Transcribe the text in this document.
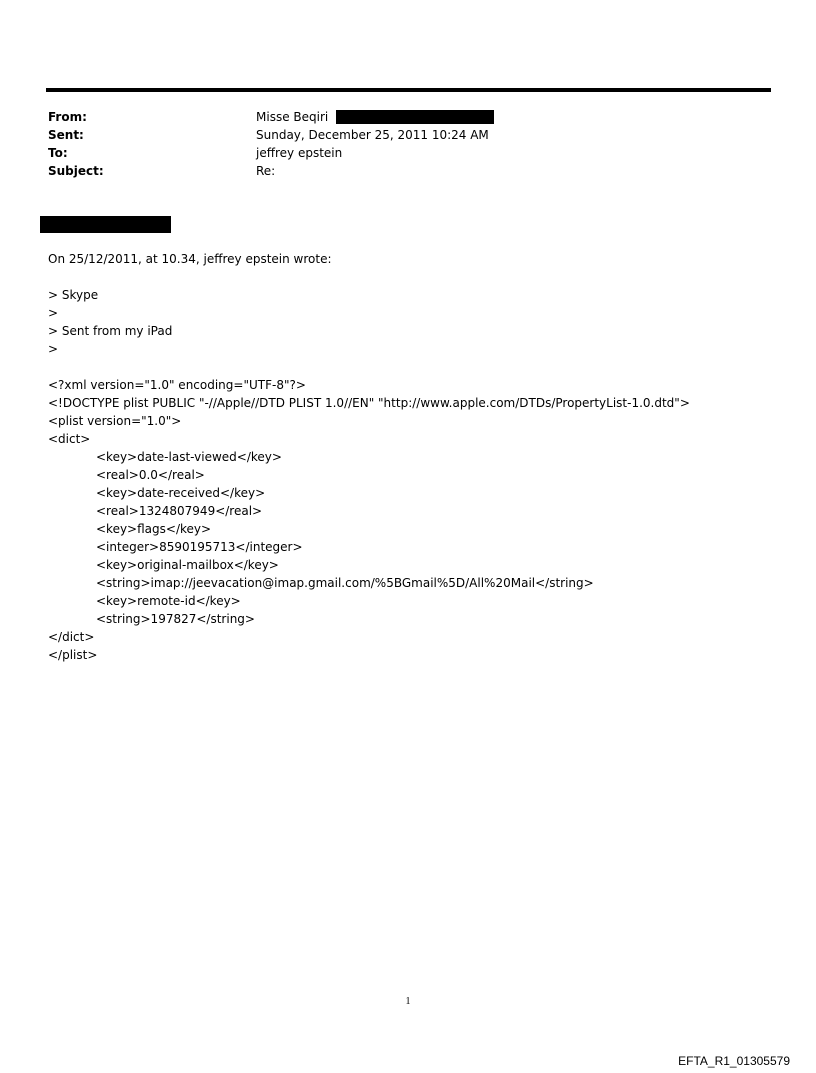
From:	Misse Beqiri
Sent:	Sunday, December 25, 2011 10:24 AM
To:	jeffrey epstein
Subject:	Re:
On 25/12/2011, at 10.34, jeffrey epstein wrote:
> Skype
>
> Sent from my iPad
>
<?xml version="1.0" encoding="UTF-8"?>
<!DOCTYPE plist PUBLIC "-//Apple//DTD PLIST 1.0//EN" "http://www.apple.com/DTDs/PropertyList-1.0.dtd">
<plist version="1.0">
<dict>
<key>date-last-viewed</key>
<real>0.0</real>
<key>date-received</key>
<real>1324807949</real>
<key>flags</key>
<integer>8590195713</integer>
<key>original-mailbox</key>
<string>imap://jeevacation@imap.gmail.com/%5BGmail%5D/All%20Mail</string>
<key>remote-id</key>
<string>197827</string>
</dict>
</plist>
1
EFTA_R1_01305579
